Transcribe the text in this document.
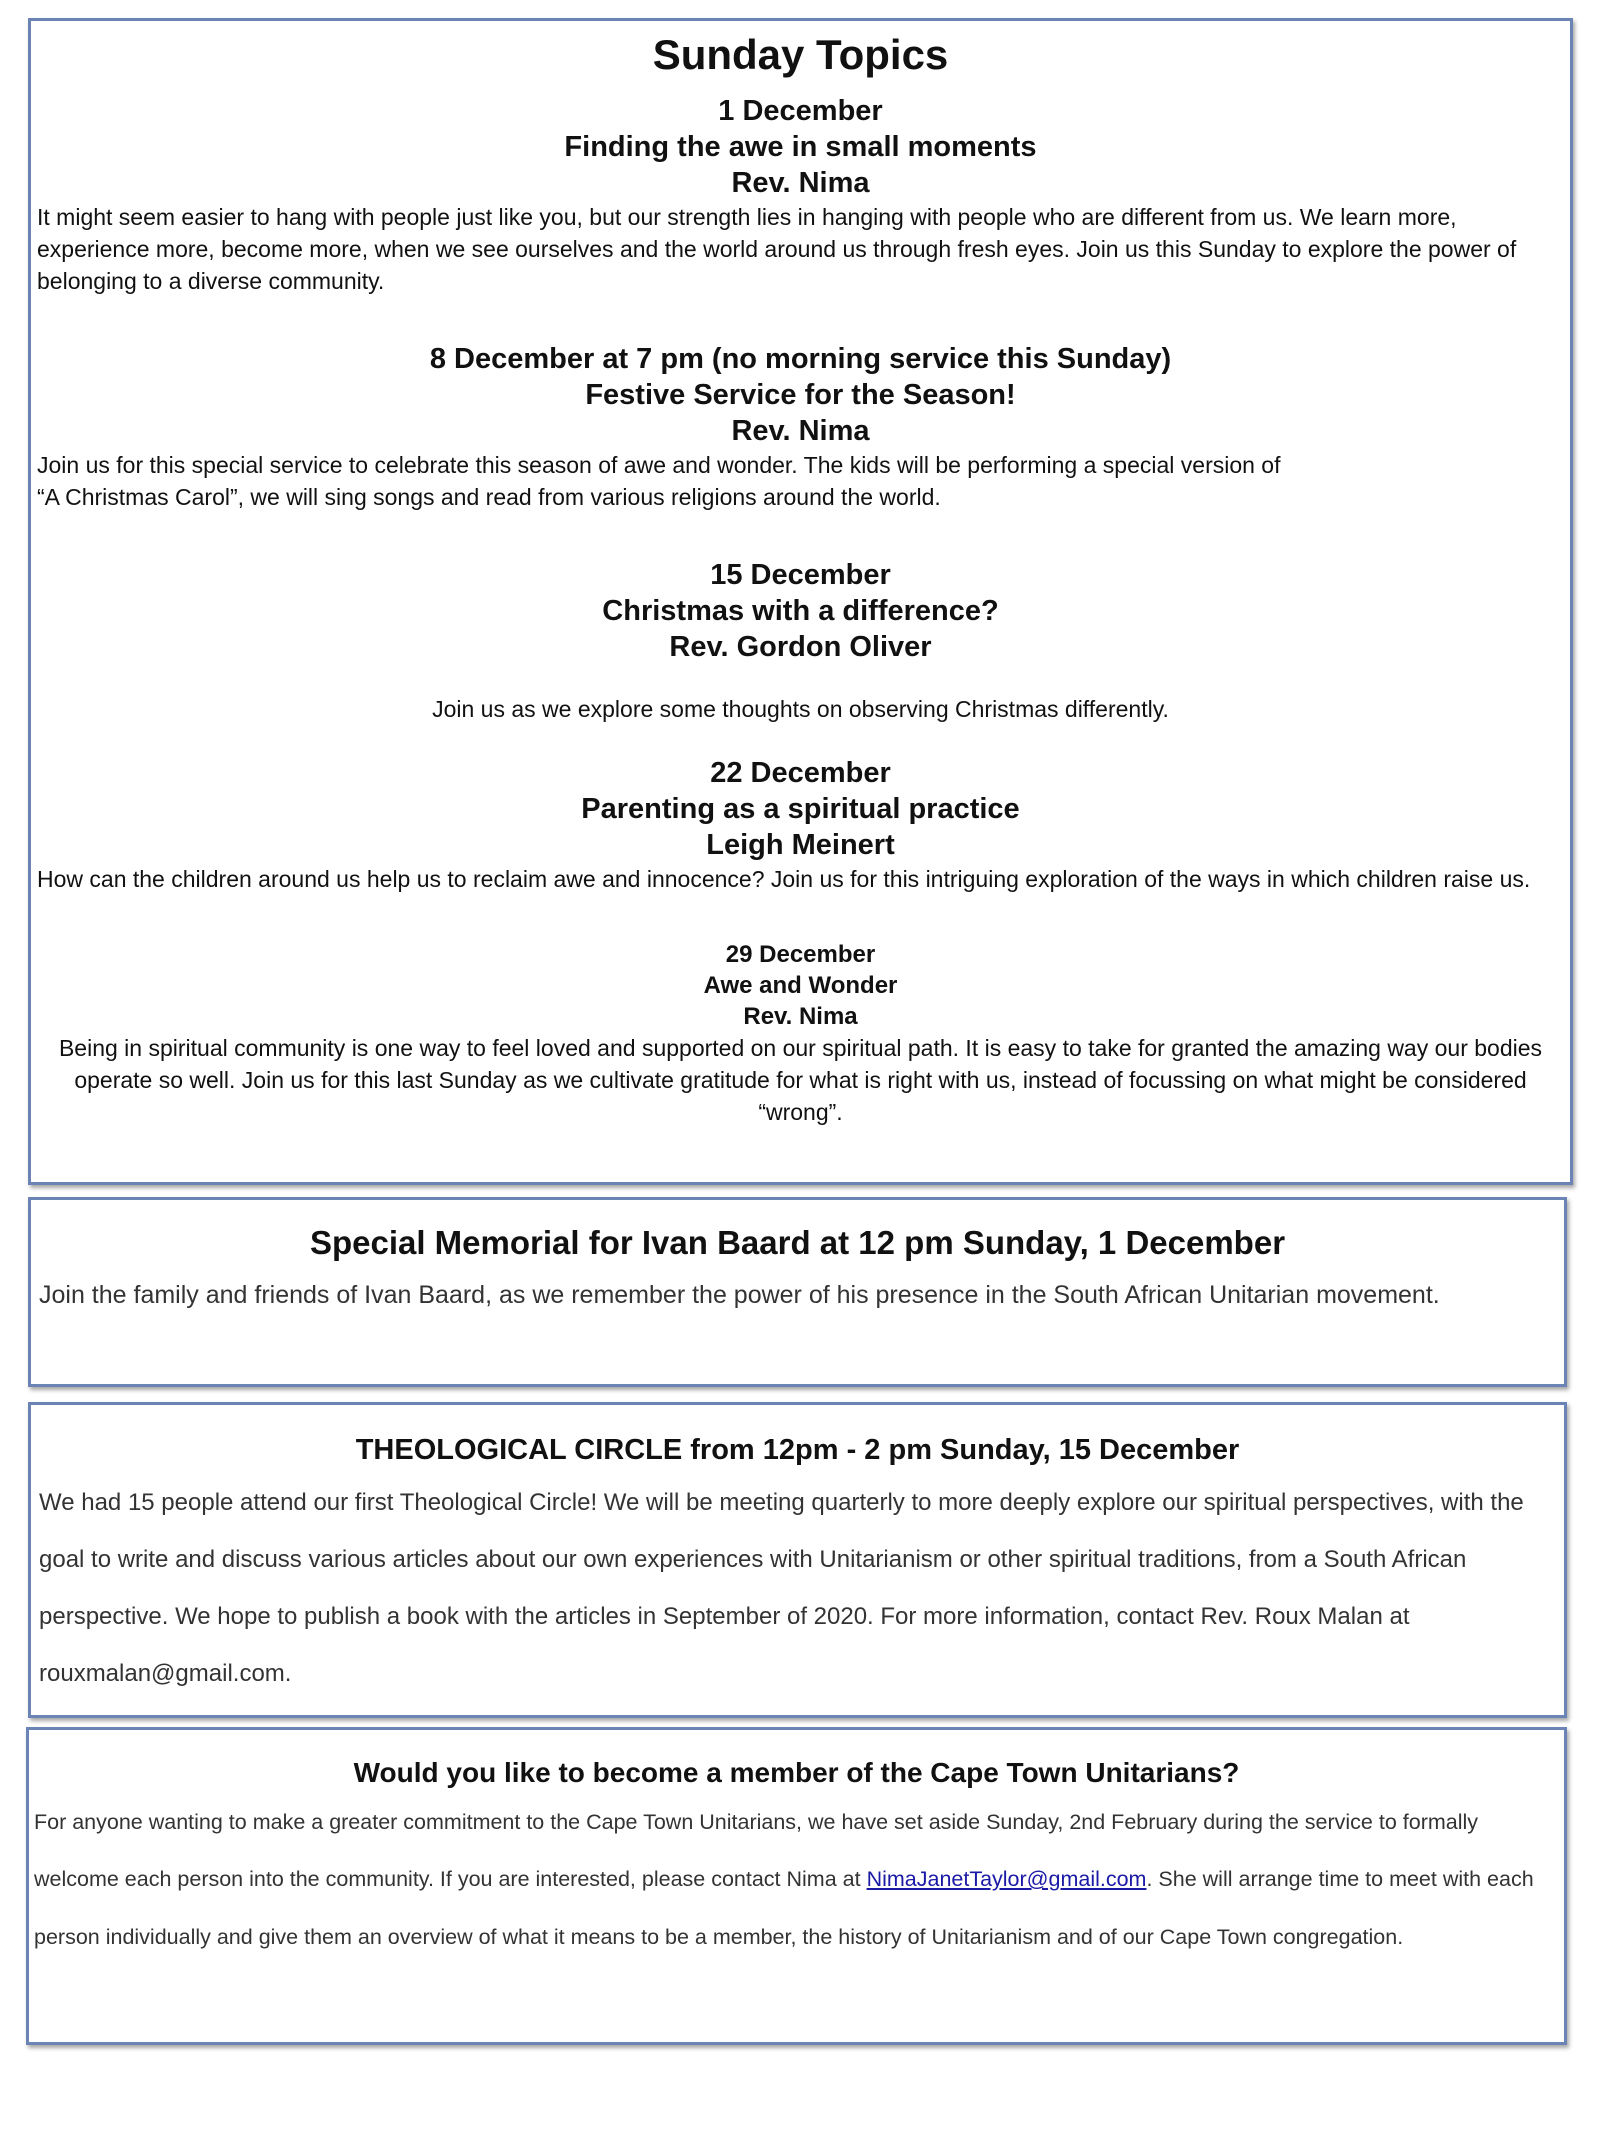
Sunday Topics
1 December
Finding the awe in small moments
Rev. Nima
It might seem easier to hang with people just like you, but our strength lies in hanging with people who are different from us. We learn more, experience more, become more, when we see ourselves and the world around us through fresh eyes. Join us this Sunday to explore the power of belonging to a diverse community.
8 December at 7 pm (no morning service this Sunday)
Festive Service for the Season!
Rev. Nima
Join us for this special service to celebrate this season of awe and wonder. The kids will be performing a special version of
“A Christmas Carol”, we will sing songs and read from various religions around the world.
15 December
Christmas with a difference?
Rev. Gordon Oliver
Join us as we explore some thoughts on observing Christmas differently.
22 December
Parenting as a spiritual practice
Leigh Meinert
How can the children around us help us to reclaim awe and innocence? Join us for this intriguing exploration of the ways in which children raise us.
29 December
Awe and Wonder
Rev. Nima
Being in spiritual community is one way to feel loved and supported on our spiritual path. It is easy to take for granted the amazing way our bodies operate so well. Join us for this last Sunday as we cultivate gratitude for what is right with us, instead of focussing on what might be considered “wrong”.
Special Memorial for Ivan Baard at 12 pm Sunday, 1 December
Join the family and friends of Ivan Baard, as we remember the power of his presence in the South African Unitarian movement.
THEOLOGICAL CIRCLE from 12pm - 2 pm Sunday, 15 December
We had 15 people attend our first Theological Circle! We will be meeting quarterly to more deeply explore our spiritual perspectives, with the goal to write and discuss various articles about our own experiences with Unitarianism or other spiritual traditions, from a South African perspective. We hope to publish a book with the articles in September of 2020. For more information, contact Rev. Roux Malan at rouxmalan@gmail.com.
Would you like to become a member of the Cape Town Unitarians?
For anyone wanting to make a greater commitment to the Cape Town Unitarians, we have set aside Sunday, 2nd February during the service to formally welcome each person into the community. If you are interested, please contact Nima at NimaJanetTaylor@gmail.com. She will arrange time to meet with each person individually and give them an overview of what it means to be a member, the history of Unitarianism and of our Cape Town congregation.
